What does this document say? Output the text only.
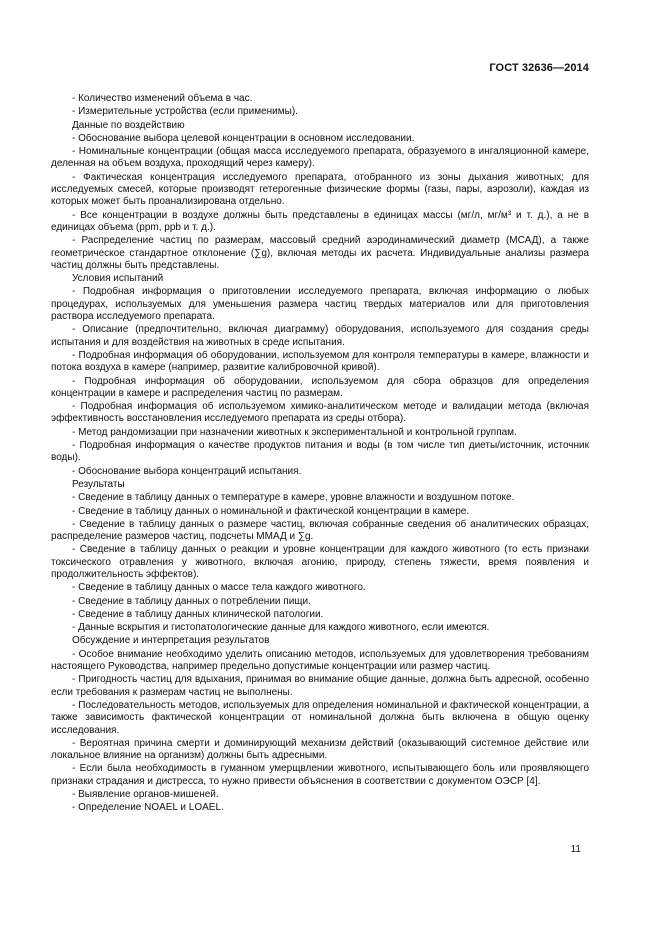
ГОСТ 32636—2014

- Количество изменений объема в час.

- Измерительные устройства (если применимы).

Данные по воздействию

- Обоснование выбора целевой концентрации в основном исследовании.

- Номинальные концентрации (общая масса исследуемого препарата, образуемого в ингаляционной камере, деленная на объем воздуха, проходящий через камеру).

- Фактическая концентрация исследуемого препарата, отобранного из зоны дыхания животных; для исследуемых смесей, которые производят гетерогенные физические формы (газы, пары, аэрозоли), каждая из которых может быть проанализирована отдельно.

- Все концентрации в воздухе должны быть представлены в единицах массы (мг/л, мг/м³ и т. д.), а не в единицах объема (ppm, ppb и т. д.).

- Распределение частиц по размерам, массовый средний аэродинамический диаметр (МСАД), а также геометрическое стандартное отклонение (∑g), включая методы их расчета. Индивидуальные анализы размера частиц должны быть представлены.

Условия испытаний

- Подробная информация о приготовлении исследуемого препарата, включая информацию о любых процедурах, используемых для уменьшения размера частиц твердых материалов или для приготовления раствора исследуемого препарата.

- Описание (предпочтительно, включая диаграмму) оборудования, используемого для создания среды испытания и для воздействия на животных в среде испытания.

- Подробная информация об оборудовании, используемом для контроля температуры в камере, влажности и потока воздуха в камере (например, развитие калибровочной кривой).

- Подробная информация об оборудовании, используемом для сбора образцов для определения концентрации в камере и распределения частиц по размерам.

- Подробная информация об используемом химико-аналитическом методе и валидации метода (включая эффективность восстановления исследуемого препарата из среды отбора).

- Метод рандомизации при назначении животных к экспериментальной и контрольной группам.

- Подробная информация о качестве продуктов питания и воды (в том числе тип диеты/источник, источник воды).

- Обоснование выбора концентраций испытания.

Результаты

- Сведение в таблицу данных о температуре в камере, уровне влажности и воздушном потоке.

- Сведение в таблицу данных о номинальной и фактической концентрации в камере.

- Сведение в таблицу данных о размере частиц, включая собранные сведения об аналитических образцах, распределение размеров частиц, подсчеты ММАД и ∑g.

- Сведение в таблицу данных о реакции и уровне концентрации для каждого животного (то есть признаки токсического отравления у животного, включая агонию, природу, степень тяжести, время появления и продолжительность эффектов).

- Сведение в таблицу данных о массе тела каждого животного.

- Сведение в таблицу данных о потреблении пищи.

- Сведение в таблицу данных клинической патологии.

- Данные вскрытия и гистопатологические данные для каждого животного, если имеются.

Обсуждение и интерпретация результатов

- Особое внимание необходимо уделить описанию методов, используемых для удовлетворения требованиям настоящего Руководства, например предельно допустимые концентрации или размер частиц.

- Пригодность частиц для вдыхания, принимая во внимание общие данные, должна быть адресной, особенно если требования к размерам частиц не выполнены.

- Последовательность методов, используемых для определения номинальной и фактической концентрации, а также зависимость фактической концентрации от номинальной должна быть включена в общую оценку исследования.

- Вероятная причина смерти и доминирующий механизм действий (оказывающий системное действие или локальное влияние на организм) должны быть адресными.

- Если была необходимость в гуманном умерщвлении животного, испытывающего боль или проявляющего признаки страдания и дистресса, то нужно привести объяснения в соответствии с документом ОЭСР [4].

- Выявление органов-мишеней.

- Определение NOAEL и LOAEL.

11
